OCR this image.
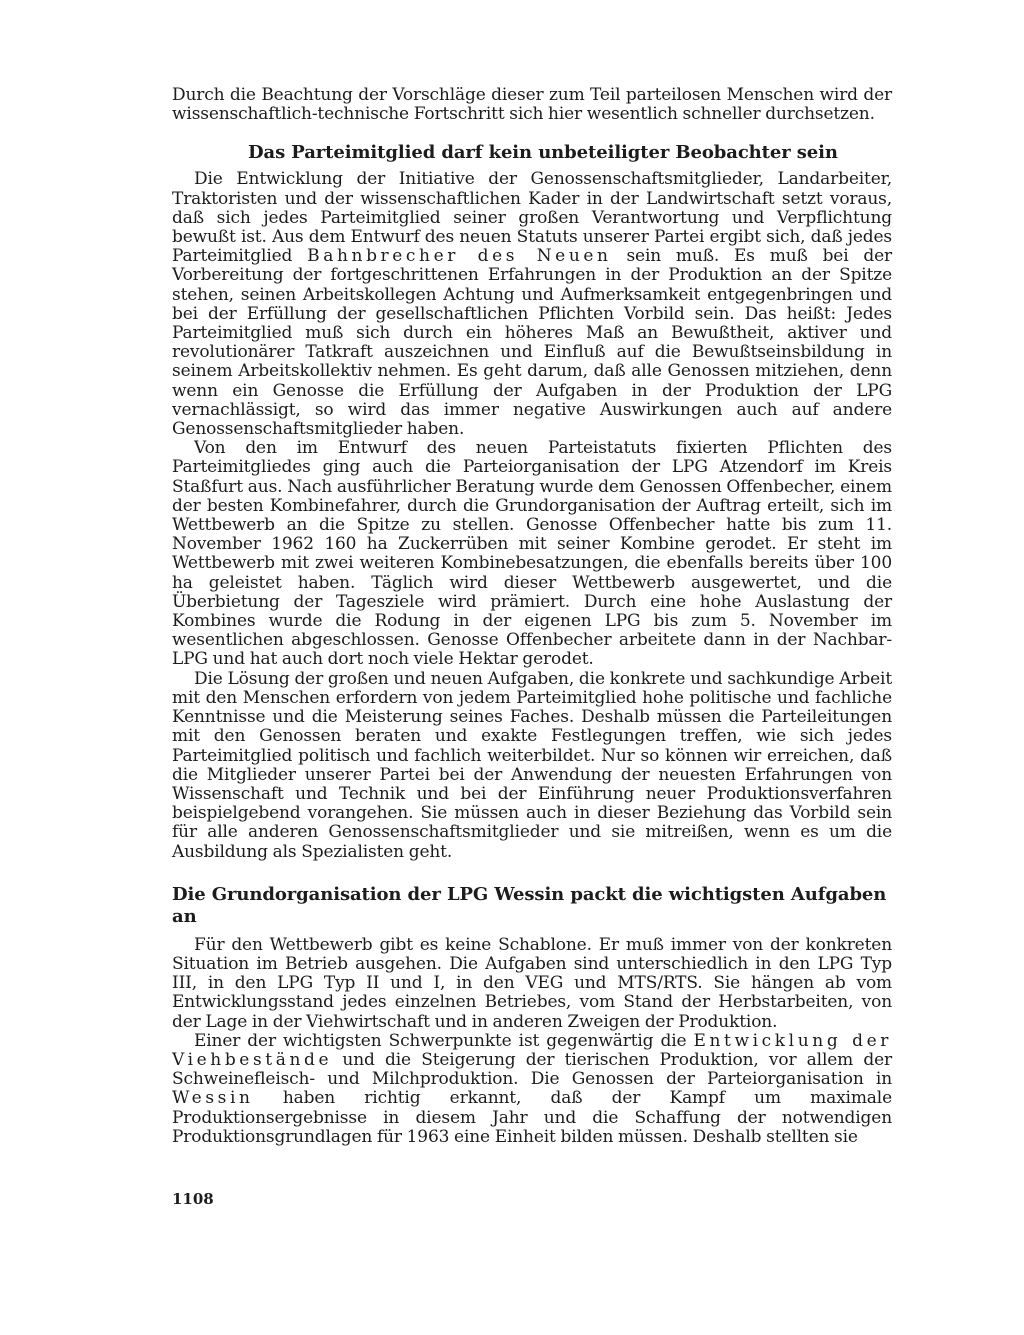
Durch die Beachtung der Vorschläge dieser zum Teil parteilosen Menschen wird der wissenschaftlich-technische Fortschritt sich hier wesentlich schneller durchsetzen.

Das Parteimitglied darf kein unbeteiligter Beobachter sein

Die Entwicklung der Initiative der Genossenschaftsmitglieder, Landarbeiter, Traktoristen und der wissenschaftlichen Kader in der Landwirtschaft setzt voraus, daß sich jedes Parteimitglied seiner großen Verantwortung und Verpflichtung bewußt ist. Aus dem Entwurf des neuen Statuts unserer Partei ergibt sich, daß jedes Parteimitglied Bahnbrecher des Neuen sein muß. Es muß bei der Vorbereitung der fortgeschrittenen Erfahrungen in der Produktion an der Spitze stehen, seinen Arbeitskollegen Achtung und Aufmerksamkeit entgegenbringen und bei der Erfüllung der gesellschaftlichen Pflichten Vorbild sein. Das heißt: Jedes Parteimitglied muß sich durch ein höheres Maß an Bewußtheit, aktiver und revolutionärer Tatkraft auszeichnen und Einfluß auf die Bewußtseinsbildung in seinem Arbeitskollektiv nehmen. Es geht darum, daß alle Genossen mitziehen, denn wenn ein Genosse die Erfüllung der Aufgaben in der Produktion der LPG vernachlässigt, so wird das immer negative Auswirkungen auch auf andere Genossenschaftsmitglieder haben.

Von den im Entwurf des neuen Parteistatuts fixierten Pflichten des Parteimitgliedes ging auch die Parteiorganisation der LPG Atzendorf im Kreis Staßfurt aus. Nach ausführlicher Beratung wurde dem Genossen Offenbecher, einem der besten Kombinefahrer, durch die Grundorganisation der Auftrag erteilt, sich im Wettbewerb an die Spitze zu stellen. Genosse Offenbecher hatte bis zum 11. November 1962 160 ha Zuckerrüben mit seiner Kombine gerodet. Er steht im Wettbewerb mit zwei weiteren Kombinebesatzungen, die ebenfalls bereits über 100 ha geleistet haben. Täglich wird dieser Wettbewerb ausgewertet, und die Überbietung der Tagesziele wird prämiert. Durch eine hohe Auslastung der Kombines wurde die Rodung in der eigenen LPG bis zum 5. November im wesentlichen abgeschlossen. Genosse Offenbecher arbeitete dann in der Nachbar-LPG und hat auch dort noch viele Hektar gerodet.

Die Lösung der großen und neuen Aufgaben, die konkrete und sachkundige Arbeit mit den Menschen erfordern von jedem Parteimitglied hohe politische und fachliche Kenntnisse und die Meisterung seines Faches. Deshalb müssen die Parteileitungen mit den Genossen beraten und exakte Festlegungen treffen, wie sich jedes Parteimitglied politisch und fachlich weiterbildet. Nur so können wir erreichen, daß die Mitglieder unserer Partei bei der Anwendung der neuesten Erfahrungen von Wissenschaft und Technik und bei der Einführung neuer Produktionsverfahren beispielgebend vorangehen. Sie müssen auch in dieser Beziehung das Vorbild sein für alle anderen Genossenschaftsmitglieder und sie mitreißen, wenn es um die Ausbildung als Spezialisten geht.

Die Grundorganisation der LPG Wessin packt die wichtigsten Aufgaben an

Für den Wettbewerb gibt es keine Schablone. Er muß immer von der konkreten Situation im Betrieb ausgehen. Die Aufgaben sind unterschiedlich in den LPG Typ III, in den LPG Typ II und I, in den VEG und MTS/RTS. Sie hängen ab vom Entwicklungsstand jedes einzelnen Betriebes, vom Stand der Herbstarbeiten, von der Lage in der Viehwirtschaft und in anderen Zweigen der Produktion.

Einer der wichtigsten Schwerpunkte ist gegenwärtig die Entwicklung der Viehbestände und die Steigerung der tierischen Produktion, vor allem der Schweinefleisch- und Milchproduktion. Die Genossen der Parteiorganisation in Wessin haben richtig erkannt, daß der Kampf um maximale Produktionsergebnisse in diesem Jahr und die Schaffung der notwendigen Produktionsgrundlagen für 1963 eine Einheit bilden müssen. Deshalb stellten sie

1108
